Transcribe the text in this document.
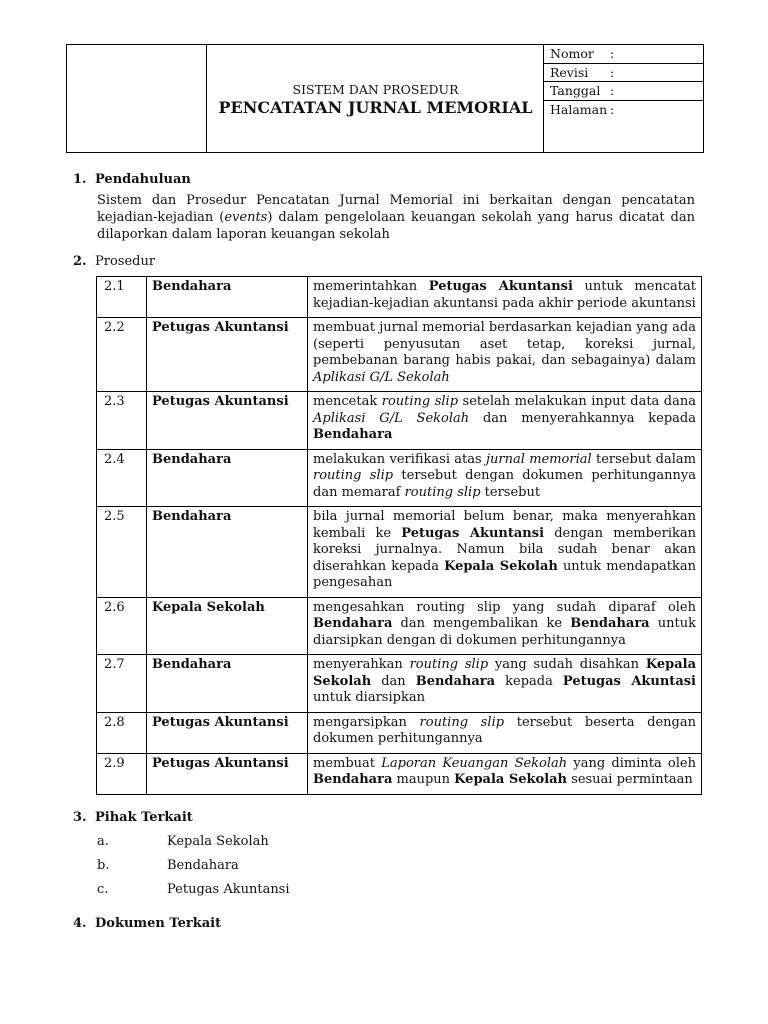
SISTEM DAN PROSEDUR
PENCATATAN JURNAL MEMORIAL
Nomor	:
Revisi	:
Tanggal :
Halaman :
1. Pendahuluan
Sistem dan Prosedur Pencatatan Jurnal Memorial ini berkaitan dengan pencatatan kejadian-kejadian (events) dalam pengelolaan keuangan sekolah yang harus dicatat dan dilaporkan dalam laporan keuangan sekolah
2. Prosedur
2.1	Bendahara	memerintahkan Petugas Akuntansi untuk mencatat kejadian-kejadian akuntansi pada akhir periode akuntansi
2.2	Petugas Akuntansi	membuat jurnal memorial berdasarkan kejadian yang ada (seperti penyusutan aset tetap, koreksi jurnal, pembebanan barang habis pakai, dan sebagainya) dalam Aplikasi G/L Sekolah
2.3	Petugas Akuntansi	mencetak routing slip setelah melakukan input data dana Aplikasi G/L Sekolah dan menyerahkannya kepada Bendahara
2.4	Bendahara	melakukan verifikasi atas jurnal memorial tersebut dalam routing slip tersebut dengan dokumen perhitungannya dan memaraf routing slip tersebut
2.5	Bendahara	bila jurnal memorial belum benar, maka menyerahkan kembali ke Petugas Akuntansi dengan memberikan koreksi jurnalnya. Namun bila sudah benar akan diserahkan kepada Kepala Sekolah untuk mendapatkan pengesahan
2.6	Kepala Sekolah	mengesahkan routing slip yang sudah diparaf oleh Bendahara dan mengembalikan ke Bendahara untuk diarsipkan dengan di dokumen perhitungannya
2.7	Bendahara	menyerahkan routing slip yang sudah disahkan Kepala Sekolah dan Bendahara kepada Petugas Akuntasi untuk diarsipkan
2.8	Petugas Akuntansi	mengarsipkan routing slip tersebut beserta dengan dokumen perhitungannya
2.9	Petugas Akuntansi	membuat Laporan Keuangan Sekolah yang diminta oleh Bendahara maupun Kepala Sekolah sesuai permintaan
3. Pihak Terkait
a.	Kepala Sekolah
b.	Bendahara
c.	Petugas Akuntansi
4. Dokumen Terkait
